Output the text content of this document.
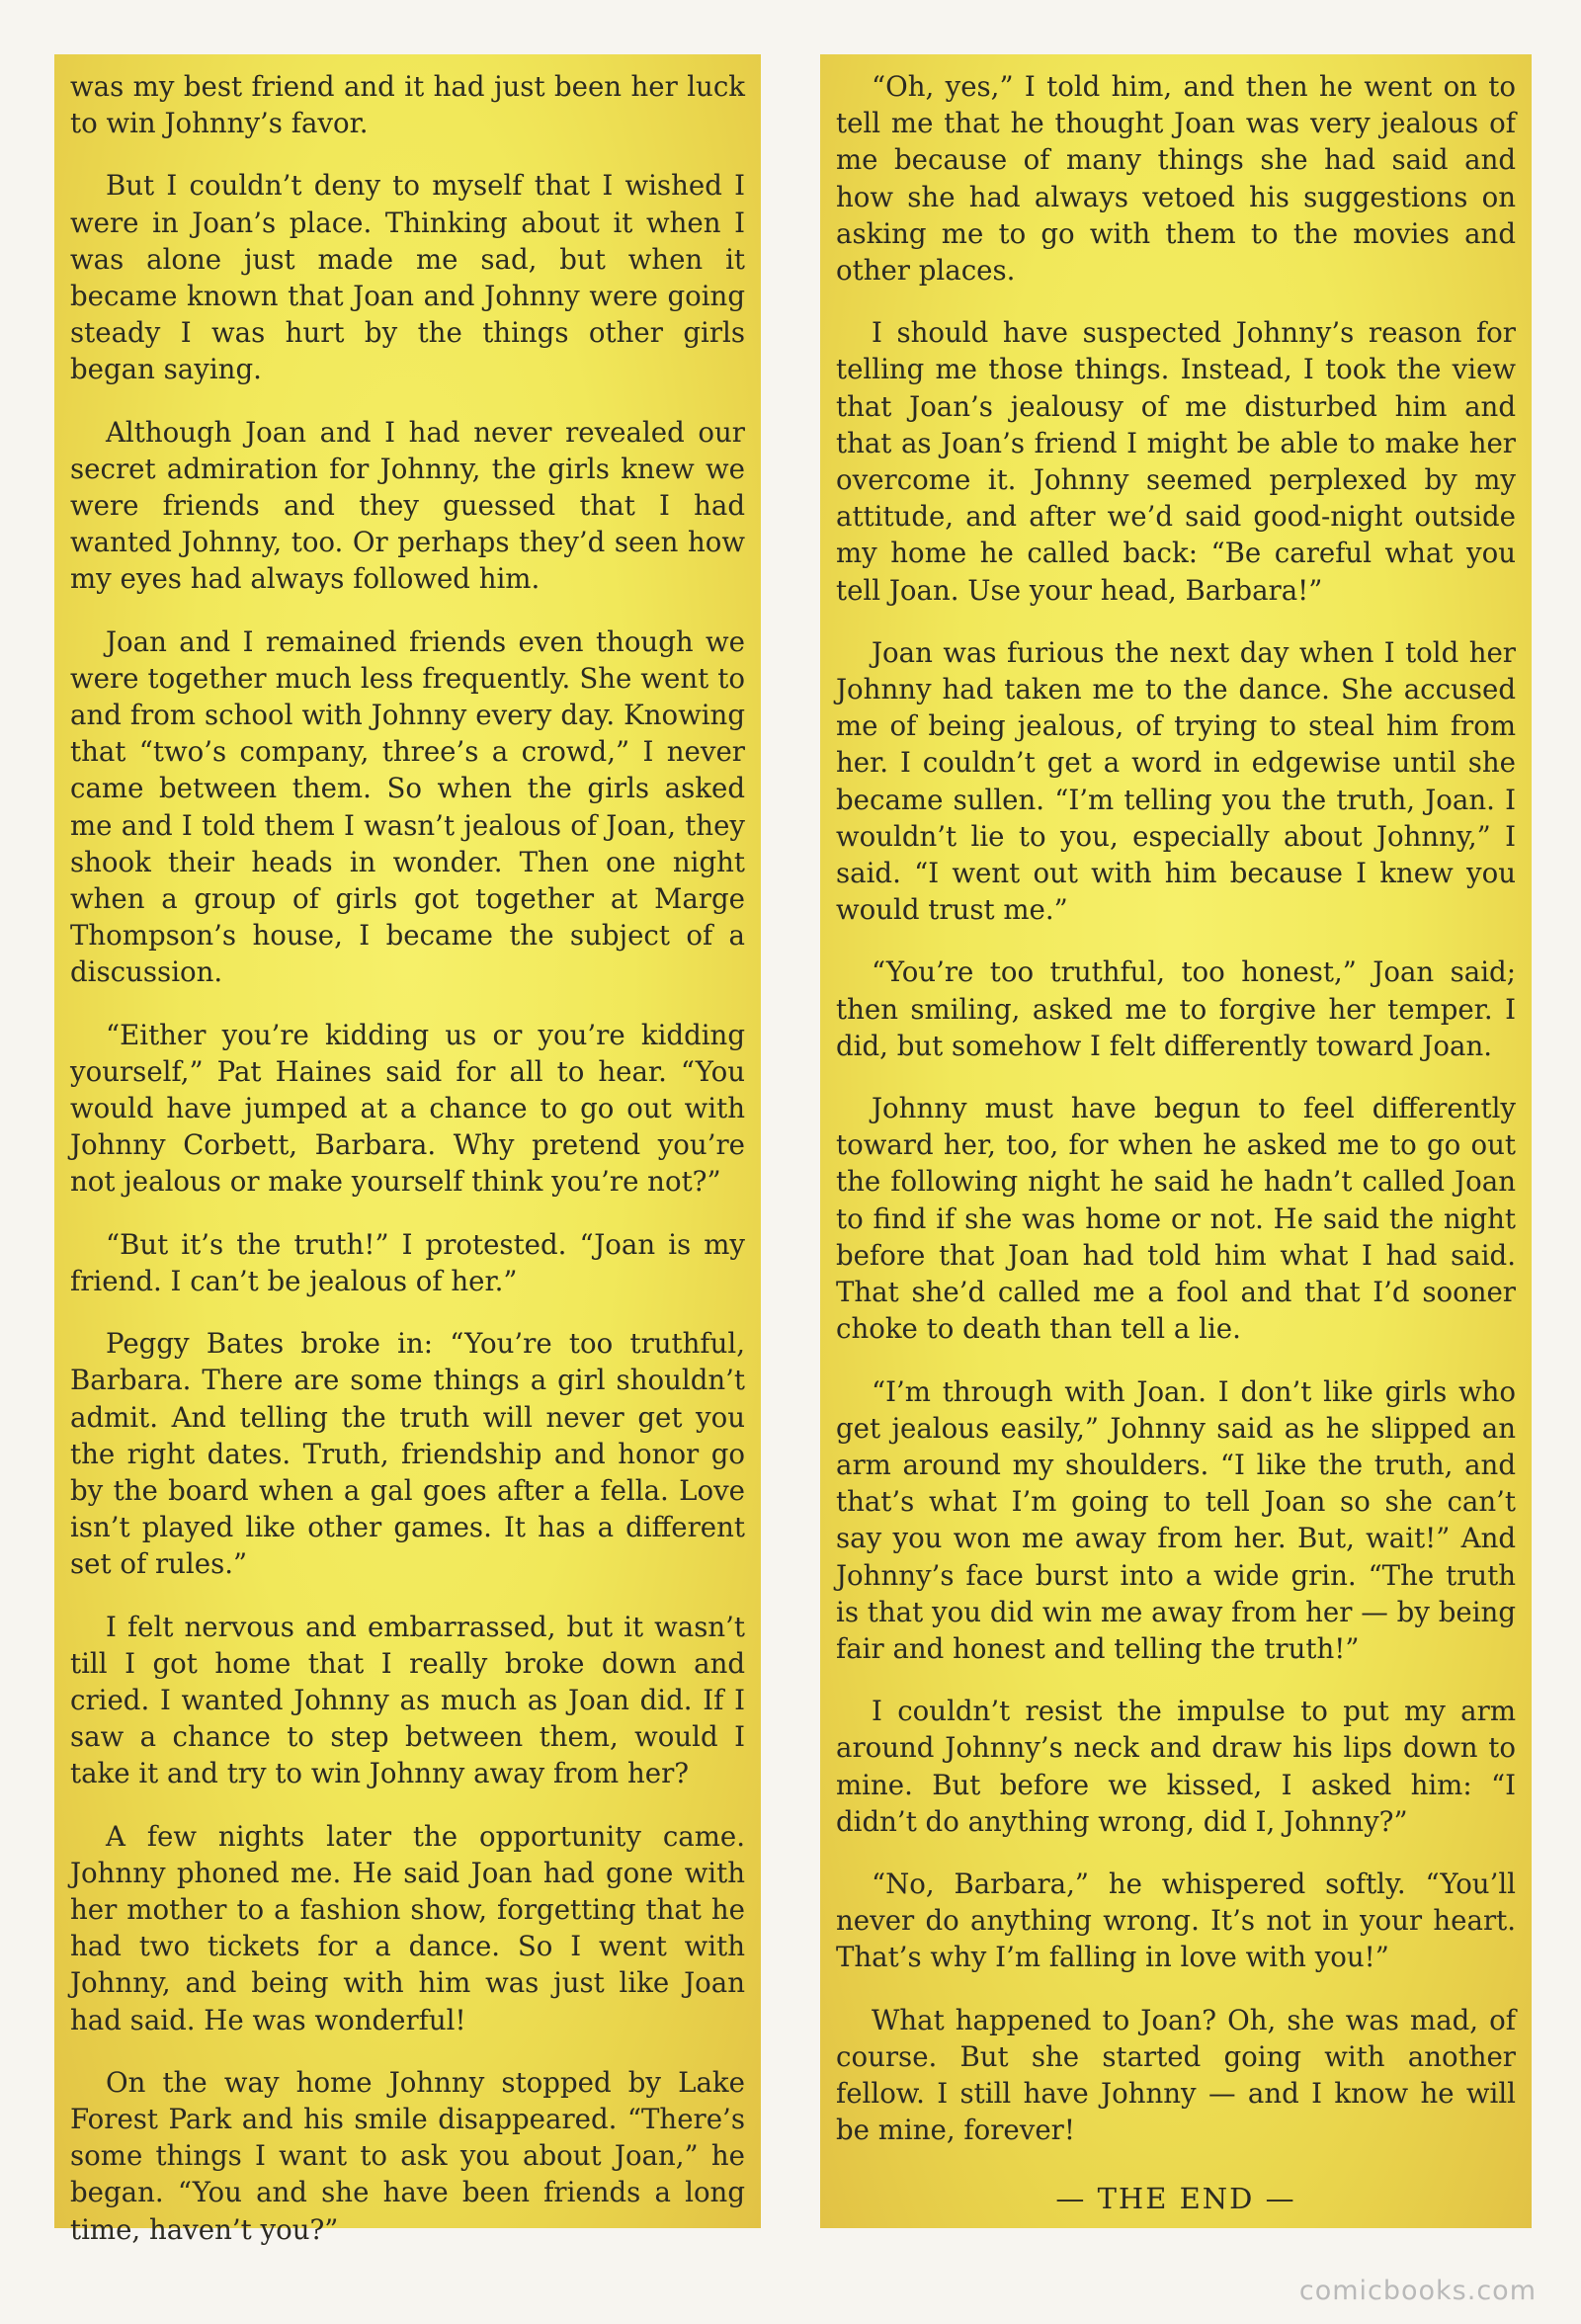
was my best friend and it had just been her luck to win Johnny’s favor.

But I couldn’t deny to myself that I wished I were in Joan’s place. Thinking about it when I was alone just made me sad, but when it became known that Joan and Johnny were going steady I was hurt by the things other girls began saying.

Although Joan and I had never revealed our secret admiration for Johnny, the girls knew we were friends and they guessed that I had wanted Johnny, too. Or perhaps they’d seen how my eyes had always followed him.

Joan and I remained friends even though we were together much less frequently. She went to and from school with Johnny every day. Knowing that “two’s company, three’s a crowd,” I never came between them. So when the girls asked me and I told them I wasn’t jealous of Joan, they shook their heads in wonder. Then one night when a group of girls got together at Marge Thompson’s house, I became the subject of a discussion.

“Either you’re kidding us or you’re kidding yourself,” Pat Haines said for all to hear. “You would have jumped at a chance to go out with Johnny Corbett, Barbara. Why pretend you’re not jealous or make yourself think you’re not?”

“But it’s the truth!” I protested. “Joan is my friend. I can’t be jealous of her.”

Peggy Bates broke in: “You’re too truthful, Barbara. There are some things a girl shouldn’t admit. And telling the truth will never get you the right dates. Truth, friendship and honor go by the board when a gal goes after a fella. Love isn’t played like other games. It has a different set of rules.”

I felt nervous and embarrassed, but it wasn’t till I got home that I really broke down and cried. I wanted Johnny as much as Joan did. If I saw a chance to step between them, would I take it and try to win Johnny away from her?

A few nights later the opportunity came. Johnny phoned me. He said Joan had gone with her mother to a fashion show, forgetting that he had two tickets for a dance. So I went with Johnny, and being with him was just like Joan had said. He was wonderful!

On the way home Johnny stopped by Lake Forest Park and his smile disappeared. “There’s some things I want to ask you about Joan,” he began. “You and she have been friends a long time, haven’t you?”

“Oh, yes,” I told him, and then he went on to tell me that he thought Joan was very jealous of me because of many things she had said and how she had always vetoed his suggestions on asking me to go with them to the movies and other places.

I should have suspected Johnny’s reason for telling me those things. Instead, I took the view that Joan’s jealousy of me disturbed him and that as Joan’s friend I might be able to make her overcome it. Johnny seemed perplexed by my attitude, and after we’d said good-night outside my home he called back: “Be careful what you tell Joan. Use your head, Barbara!”

Joan was furious the next day when I told her Johnny had taken me to the dance. She accused me of being jealous, of trying to steal him from her. I couldn’t get a word in edgewise until she became sullen. “I’m telling you the truth, Joan. I wouldn’t lie to you, especially about Johnny,” I said. “I went out with him because I knew you would trust me.”

“You’re too truthful, too honest,” Joan said; then smiling, asked me to forgive her temper. I did, but somehow I felt differently toward Joan.

Johnny must have begun to feel differently toward her, too, for when he asked me to go out the following night he said he hadn’t called Joan to find if she was home or not. He said the night before that Joan had told him what I had said. That she’d called me a fool and that I’d sooner choke to death than tell a lie.

“I’m through with Joan. I don’t like girls who get jealous easily,” Johnny said as he slipped an arm around my shoulders. “I like the truth, and that’s what I’m going to tell Joan so she can’t say you won me away from her. But, wait!” And Johnny’s face burst into a wide grin. “The truth is that you did win me away from her — by being fair and honest and telling the truth!”

I couldn’t resist the impulse to put my arm around Johnny’s neck and draw his lips down to mine. But before we kissed, I asked him: “I didn’t do anything wrong, did I, Johnny?”

“No, Barbara,” he whispered softly. “You’ll never do anything wrong. It’s not in your heart. That’s why I’m falling in love with you!”

What happened to Joan? Oh, she was mad, of course. But she started going with another fellow. I still have Johnny — and I know he will be mine, forever!

— THE END —
comicbooks.com
